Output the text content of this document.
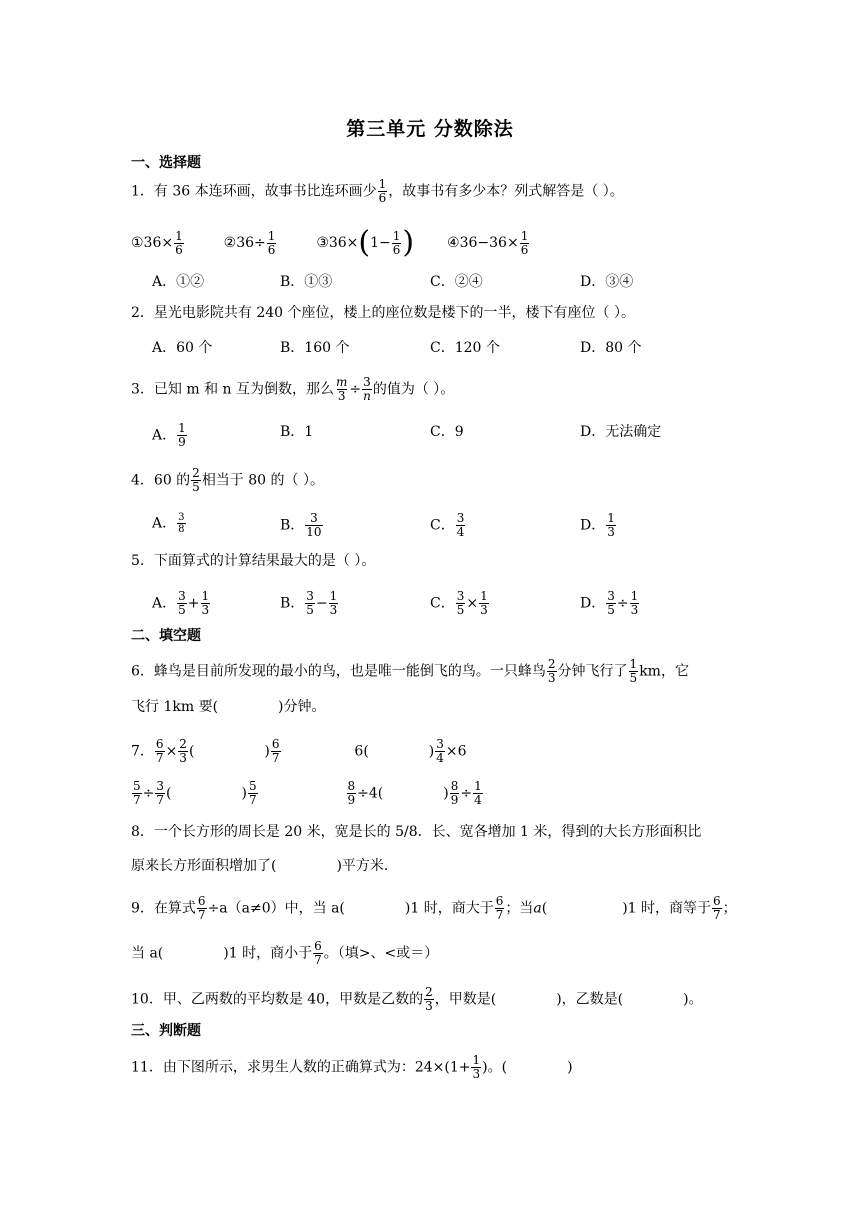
第三单元 分数除法
一、选择题
1．有 36 本连环画，故事书比连环画少 $\frac{1}{6}$ ，故事书有多少本？列式解答是（ ）。
①36× $\frac{1}{6}$	②36÷ $\frac{1}{6}$	③36×(1− $\frac{1}{6}$ ) ④36−36× $\frac{1}{6}$
A．①②	B．①③	C．②④	D．③④
2．星光电影院共有 240 个座位，楼上的座位数是楼下的一半，楼下有座位（ ）。
A．60 个	B．160 个	C．120 个	D．80 个
3．已知 m 和 n 互为倒数，那么 $\frac{m}{3} \div \frac{3}{n}$ 的值为（ ）。
A． $\frac{1}{9}$	B．1	C．9	D．无法确定
4．60 的 $\frac{2}{5}$ 相当于 80 的（ ）。
A． $\frac{3}{8}$	B． $\frac{3}{10}$	C． $\frac{3}{4}$	D． $\frac{1}{3}$
5．下面算式的计算结果最大的是（ ）。
A． $\frac{3}{5} + \frac{1}{3}$	B． $\frac{3}{5} - \frac{1}{3}$	C． $\frac{3}{5} \times \frac{1}{3}$	D． $\frac{3}{5} \div \frac{1}{3}$
二、填空题
6．蜂鸟是目前所发现的最小的鸟，也是唯一能倒飞的鸟。一只蜂鸟 $\frac{2}{3}$ 分钟飞行了 $\frac{1}{5}$ km，它
飞行 1km 要(	)分钟。
7． $\frac{6}{7} \times \frac{2}{3}$ (	) $\frac{6}{7}$	6(	) $\frac{3}{4} \times 6$
$\frac{5}{7} \div \frac{3}{7}$ (	) $\frac{5}{7}$
	$\frac{8}{9} \div 4$(	) $\frac{8}{9} \div \frac{1}{4}$
8．一个长方形的周长是 20 米，宽是长的 5/8．长、宽各增加 1 米，得到的大长方形面积比
原来长方形面积增加了(	)平方米.
9．在算式 $\frac{6}{7} \div a(a\ne 0)$中，当 a(	)1 时，商大于 $\frac{6}{7}$ ；当a(	)1 时，商等于 $\frac{6}{7}$ ；
当 a(	)1 时，商小于 $\frac{6}{7}$ 。（填>、<或＝）
10．甲、乙两数的平均数是 40，甲数是乙数的 $\frac{2}{3}$ ，甲数是(	)，乙数是(	)。
三、判断题
11．由下图所示，求男生人数的正确算式为：$24\times(1+ \frac{1}{3}$ )。(	)
